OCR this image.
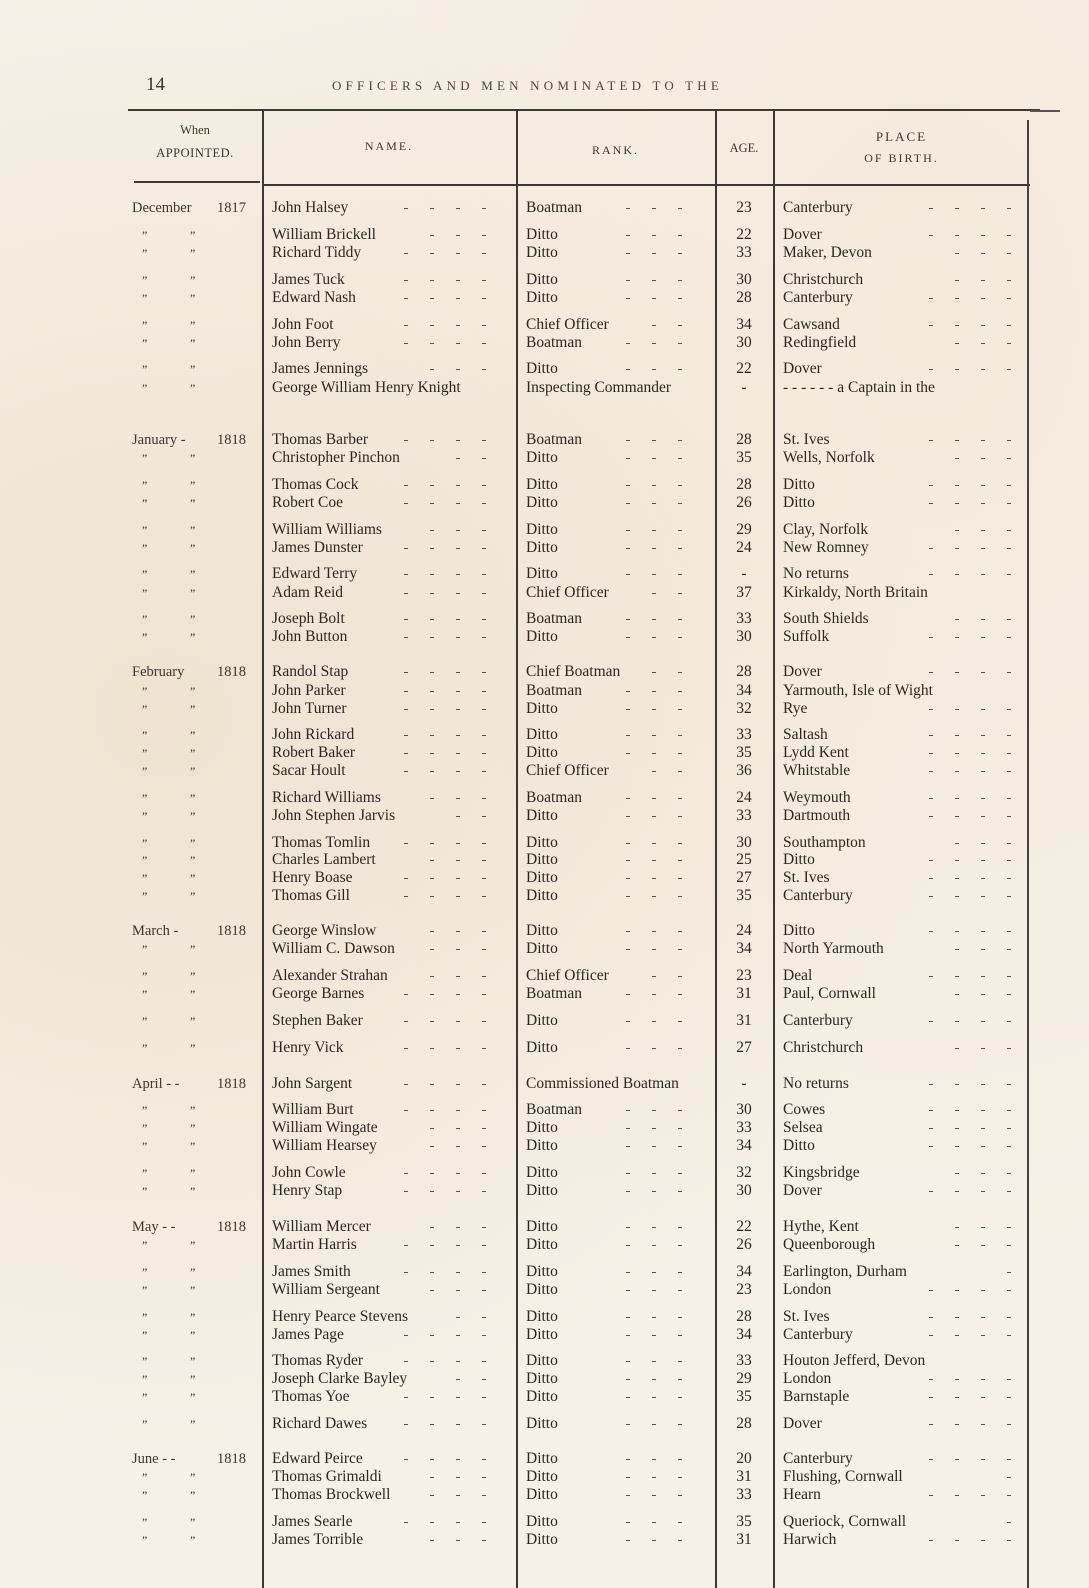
14	OFFICERS AND MEN NOMINATED TO THE
When
APPOINTED.	NAME.	RANK.	AGE.
PLACE
OF BIRTH.
December 1817 John Halsey	Boatman	23	Canterbury
”	”	William Brickell	Ditto	22	Dover
”	”	Richard Tiddy	Ditto	33	Maker, Devon
”	”	James Tuck	Ditto	30	Christchurch
”	”	Edward Nash	Ditto	28	Canterbury
”	”	John Foot	Chief Officer	34	Cawsand
”	”	John Berry	Boatman	30	Redingfield
”	”	James Jennings	Ditto	22	Dover
”	”	George William Henry Knight	Inspecting Commander	-	- - - - - - a Captain in the
January - 1818 Thomas Barber	Boatman	28	St. Ives
”	”	Christopher Pinchon	Ditto	35	Wells, Norfolk
”	”	Thomas Cock	Ditto	28	Ditto
”	”	Robert Coe	Ditto	26	Ditto
”	”	William Williams	Ditto	29	Clay, Norfolk
”	”	James Dunster	Ditto	24	New Romney
”	”	Edward Terry	Ditto	-	No returns
”	”	Adam Reid	Chief Officer	37	Kirkaldy, North Britain
”	”	Joseph Bolt	Boatman	33	South Shields
”	”	John Button	Ditto	30	Suffolk
February 1818 Randol Stap	Chief Boatman	28	Dover
”	”	John Parker	Boatman	34	Yarmouth, Isle of Wight
”	”	John Turner	Ditto	32	Rye
”	”	John Rickard	Ditto	33	Saltash
”	”	Robert Baker	Ditto	35	Lydd Kent
”	”	Sacar Hoult	Chief Officer	36	Whitstable
”	”	Richard Williams	Boatman	24	Weymouth
”	”	John Stephen Jarvis	Ditto	33	Dartmouth
”	”	Thomas Tomlin	Ditto	30	Southampton
”	”	Charles Lambert	Ditto	25	Ditto
”	”	Henry Boase	Ditto	27	St. Ives
”	”	Thomas Gill	Ditto	35	Canterbury
March -	1818 George Winslow	Ditto	24	Ditto
”	”	William C. Dawson	Ditto	34	North Yarmouth
”	”	Alexander Strahan	Chief Officer	23	Deal
”	”	George Barnes	Boatman	31	Paul, Cornwall
”	”	Stephen Baker	Ditto	31	Canterbury
”	”	Henry Vick	Ditto	27	Christchurch
April - -	1818 John Sargent	Commissioned Boatman	-	No returns
”	”	William Burt	Boatman	30	Cowes
”	”	William Wingate	Ditto	33	Selsea
”	”	William Hearsey	Ditto	34	Ditto
”	”	John Cowle	Ditto	32	Kingsbridge
”	”	Henry Stap	Ditto	30	Dover
May - -	1818 William Mercer	Ditto	22	Hythe, Kent
”	”	Martin Harris	Ditto	26	Queenborough
”	”	James Smith	Ditto	34	Earlington, Durham
”	”	William Sergeant	Ditto	23	London
”	”	Henry Pearce Stevens	Ditto	28	St. Ives
”	”	James Page	Ditto	34	Canterbury
”	”	Thomas Ryder	Ditto	33	Houton Jefferd, Devon
”	”	Joseph Clarke Bayley	Ditto	29	London
”	”	Thomas Yoe	Ditto	35	Barnstaple
”	”	Richard Dawes	Ditto	28	Dover
June - -	1818 Edward Peirce	Ditto	20	Canterbury
”	”	Thomas Grimaldi	Ditto	31	Flushing, Cornwall
”	”	Thomas Brockwell	Ditto	33	Hearn
”	”	James Searle	Ditto	35	Queriock, Cornwall
”	”	James Torrible	Ditto	31	Harwich
